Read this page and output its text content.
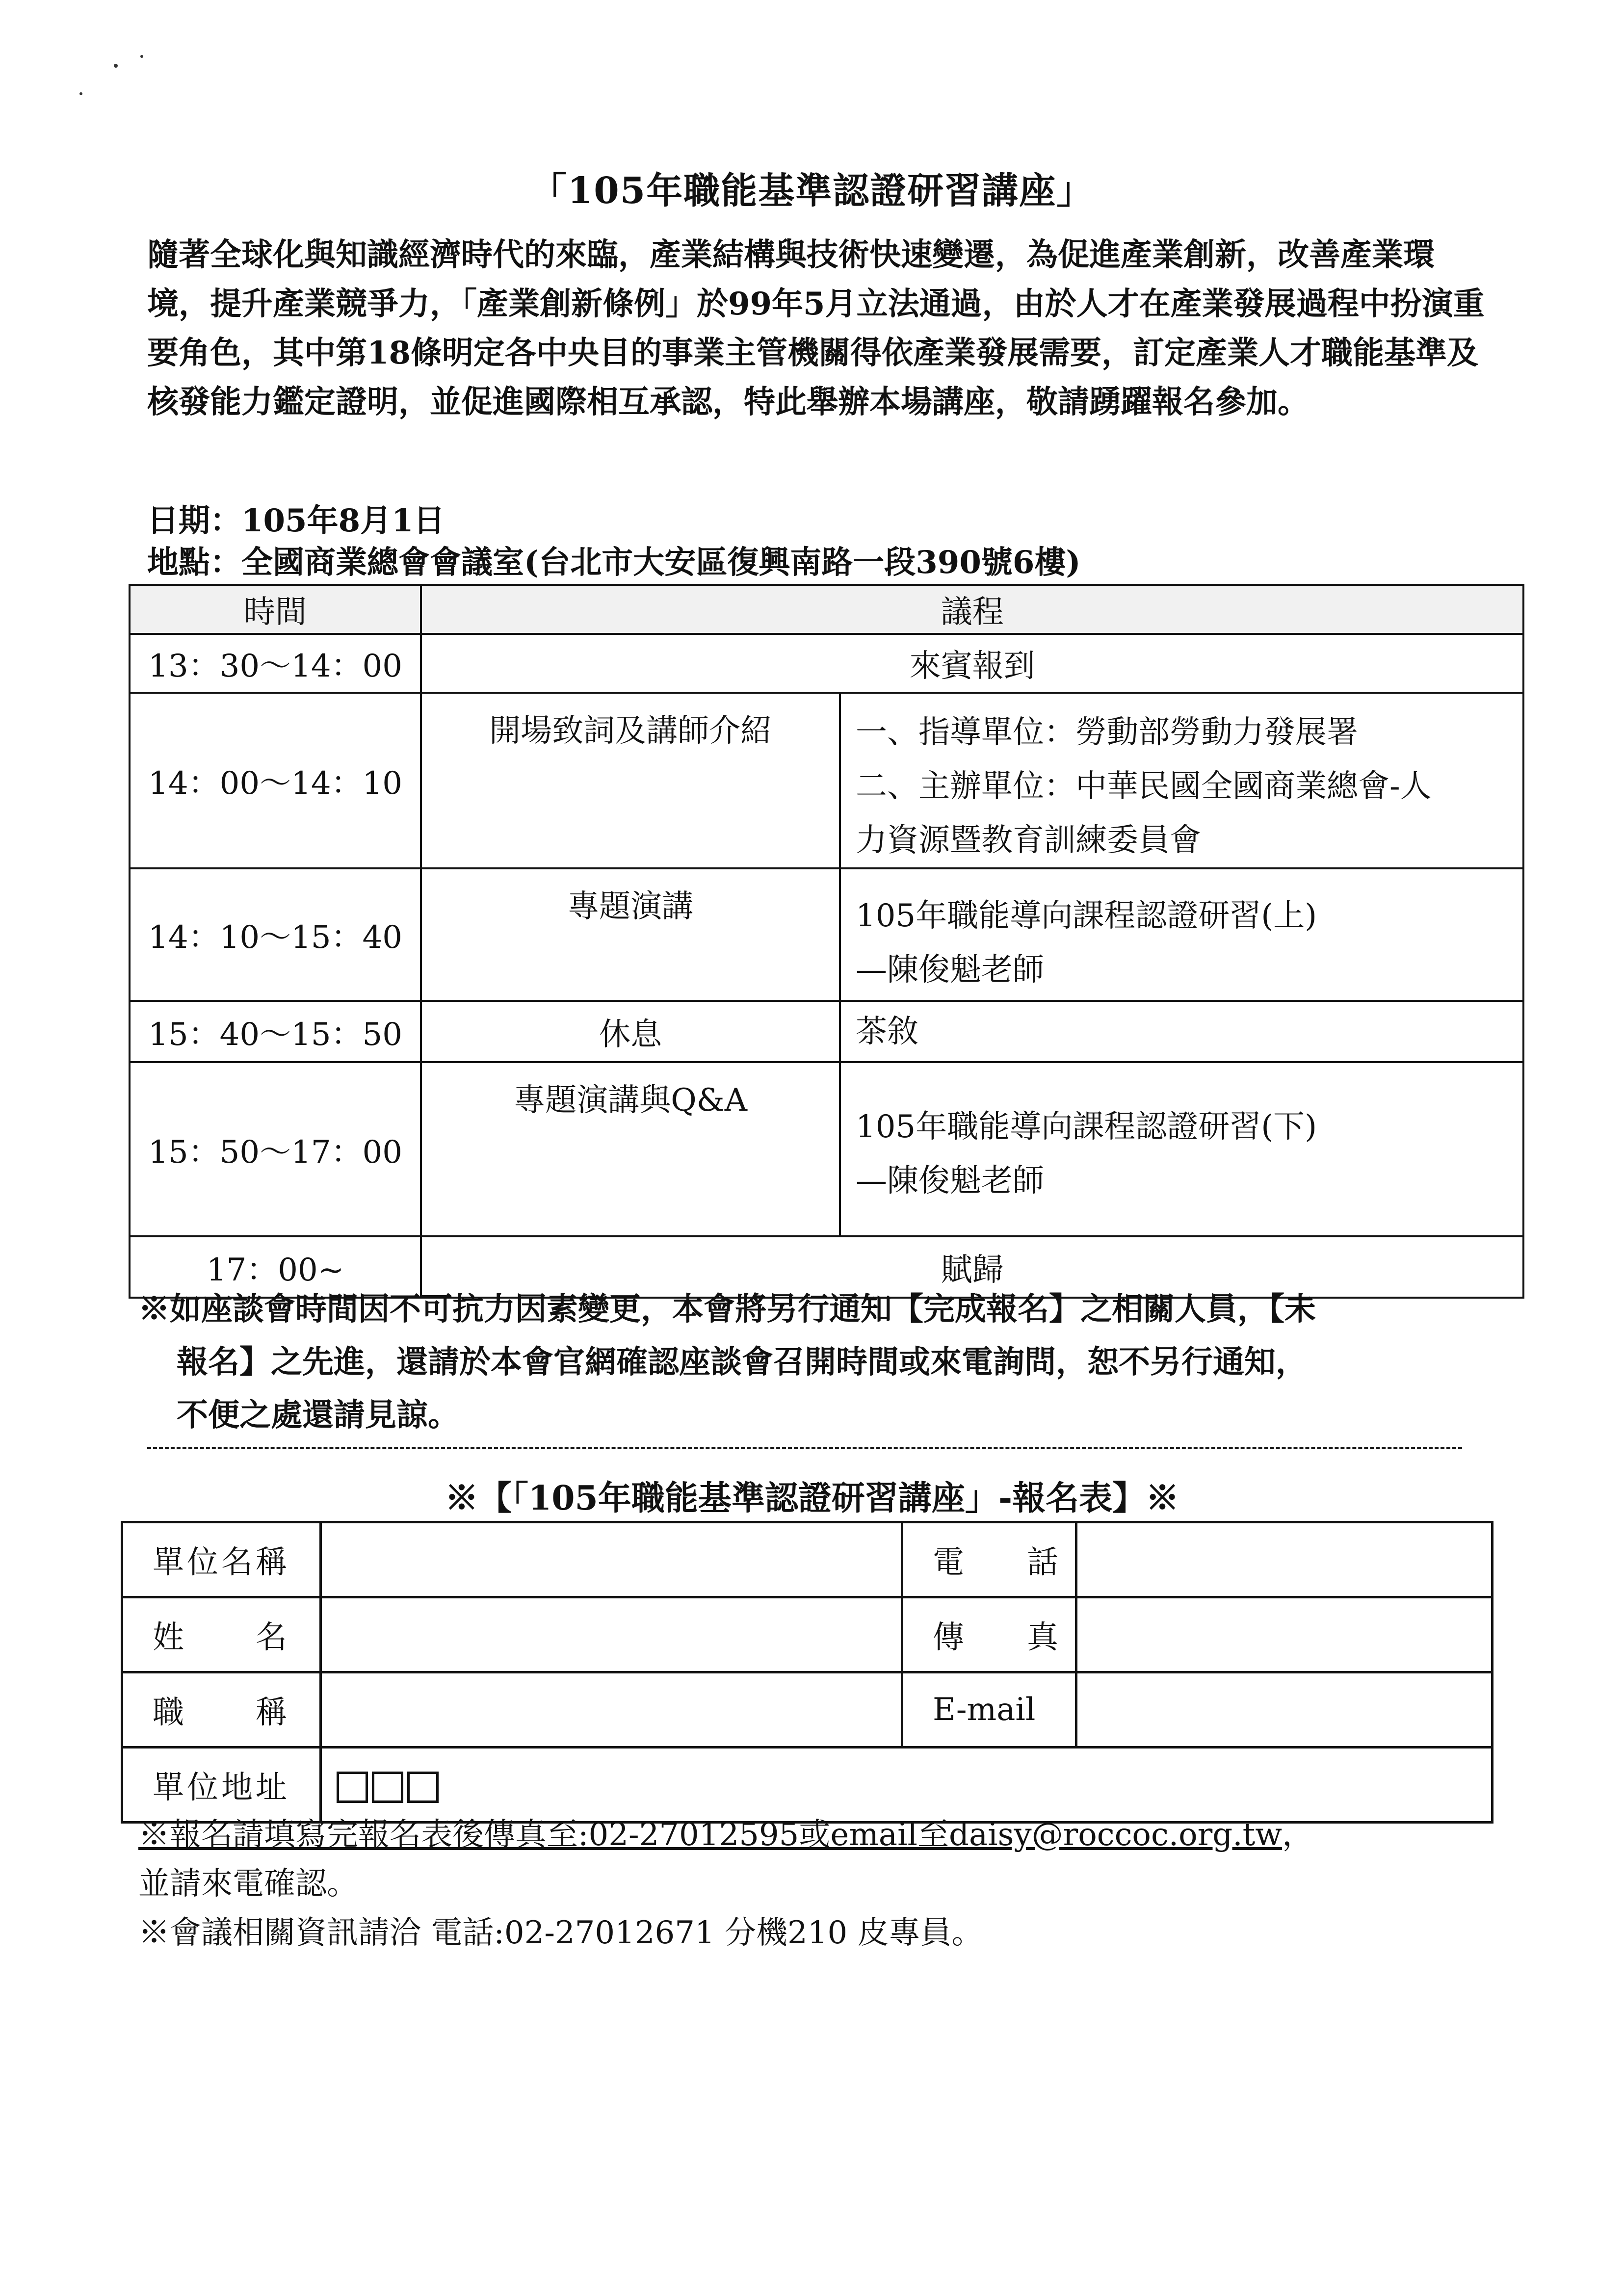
「105年職能基準認證研習講座」

隨著全球化與知識經濟時代的來臨，產業結構與技術快速變遷，為促進產業創新，改善產業環境，提升產業競爭力，「產業創新條例」於99年5月立法通過，由於人才在產業發展過程中扮演重要角色，其中第18條明定各中央目的事業主管機關得依產業發展需要，訂定產業人才職能基準及核發能力鑑定證明，並促進國際相互承認，特此舉辦本場講座，敬請踴躍報名參加。

日期：105年8月1日
地點：全國商業總會會議室(台北市大安區復興南路一段390號6樓)
時間	議程	
13：30～14：00	來賓報到	
14：00～14：10	開場致詞及講師介紹	一、指導單位：勞動部勞動力發展署
二、主辦單位：中華民國全國商業總會-人
力資源暨教育訓練委員會

14：10～15：40	專題演講	105年職能導向課程認證研習(上)
—陳俊魁老師

15：40～15：50	休息	茶敘

15：50～17：00	專題演講與Q&A	105年職能導向課程認證研習(下)
—陳俊魁老師

17：00~	賦歸	
※如座談會時間因不可抗力因素變更，本會將另行通知【完成報名】之相關人員，【未
報名】之先進，還請於本會官網確認座談會召開時間或來電詢問，恕不另行通知，
不便之處還請見諒。
※【「105年職能基準認證研習講座」-報名表】※
單位名稱		電　　話	
姓　　名		傳　　真	
職　　稱		E-mail	
單位地址			
※報名請填寫完報名表後傳真至:02-27012595或email至daisy@roccoc.org.tw，
並請來電確認。
※會議相關資訊請洽 電話:02-27012671 分機210 皮專員。
